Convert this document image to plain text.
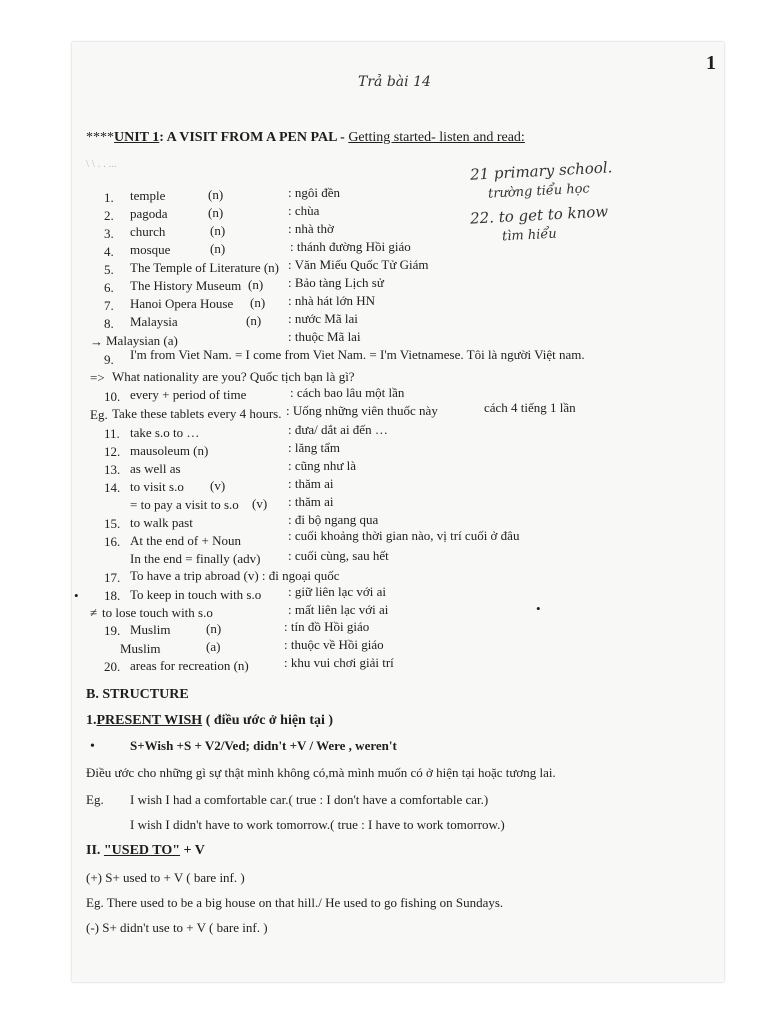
1
Trả bài 14
****UNIT 1: A VISIT FROM A PEN PAL - Getting started- listen and read:
\ \ . . ...	21 primary school.
trường tiểu học
22. to get to know
tìm hiểu
1. temple	(n)	: ngôi đền
2. pagoda	(n)	: chùa
3. church	(n)	: nhà thờ
4. mosque	(n)	: thánh đường Hồi giáo
5. The Temple of Literature (n) : Văn Miếu Quốc Tử Giám
6. The History Museum (n) : Bảo tàng Lịch sử
7. Hanoi Opera House (n) : nhà hát lớn HN
8. Malaysia	(n) : nước Mã lai
→ Malaysian (a)	: thuộc Mã lai
9. I'm from Viet Nam. = I come from Viet Nam. = I'm Vietnamese. Tôi là người Việt nam.
=> What nationality are you? Quốc tịch bạn là gì?
10. every + period of time	: cách bao lâu một lần
Eg. Take these tablets every 4 hours. : Uống những viên thuốc này	cách 4 tiếng 1 lần
11. take s.o to …	: đưa/ dắt ai đến …
12. mausoleum (n)	: lăng tẩm
13. as well as	: cũng như là
14. to visit s.o (v)	: thăm ai
= to pay a visit to s.o (v) : thăm ai
15. to walk past	: đi bộ ngang qua
16. At the end of + Noun	: cuối khoảng thời gian nào, vị trí cuối ở đâu
In the end = finally (adv) : cuối cùng, sau hết
17. To have a trip abroad (v) : đi ngoại quốc
• 18. To keep in touch with s.o : giữ liên lạc với ai
≠ to lose touch with s.o	: mất liên lạc với ai	•
19. Muslim	(n)	: tín đồ Hồi giáo
Muslim	(a)	: thuộc về Hồi giáo
20. areas for recreation (n)	: khu vui chơi giải trí
B. STRUCTURE
1.PRESENT WISH ( điều ước ở hiện tại )
•	S+Wish +S + V2/Ved; didn't +V / Were , weren't
Điều ước cho những gì sự thật mình không có,mà mình muốn có ở hiện tại hoặc tương lai.
Eg. I wish I had a comfortable car.( true : I don't have a comfortable car.)
I wish I didn't have to work tomorrow.( true : I have to work tomorrow.)
II. "USED TO" + V
(+) S+ used to + V ( bare inf. )
Eg. There used to be a big house on that hill./ He used to go fishing on Sundays.
(-) S+ didn't use to + V ( bare inf. )
